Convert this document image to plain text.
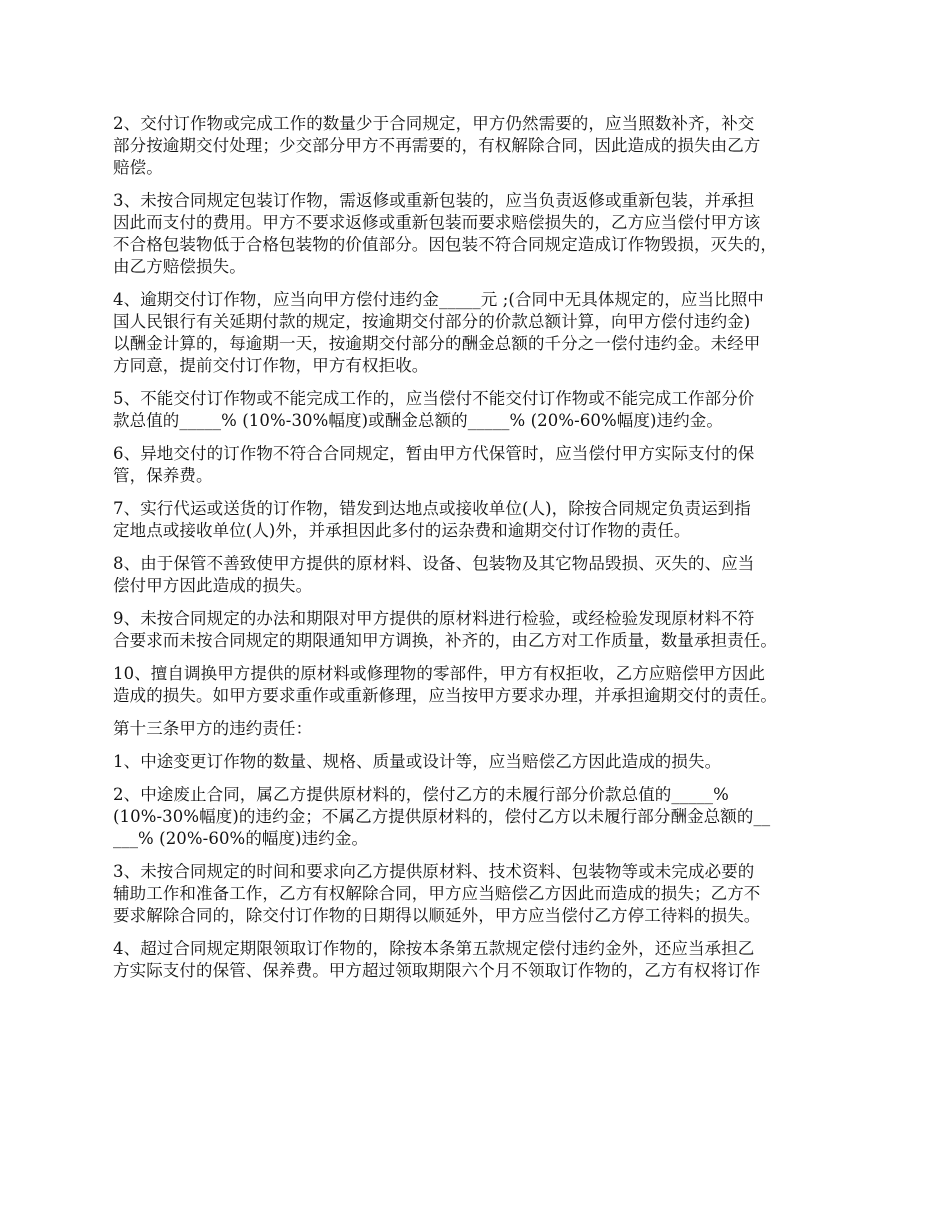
2、交付订作物或完成工作的数量少于合同规定，甲方仍然需要的，应当照数补齐，补交
部分按逾期交付处理；少交部分甲方不再需要的，有权解除合同，因此造成的损失由乙方
赔偿。

3、未按合同规定包装订作物，需返修或重新包装的，应当负责返修或重新包装，并承担
因此而支付的费用。甲方不要求返修或重新包装而要求赔偿损失的，乙方应当偿付甲方该
不合格包装物低于合格包装物的价值部分。因包装不符合同规定造成订作物毁损，灭失的，
由乙方赔偿损失。

4、逾期交付订作物，应当向甲方偿付违约金_____元 ;(合同中无具体规定的，应当比照中
国人民银行有关延期付款的规定，按逾期交付部分的价款总额计算，向甲方偿付违约金)
以酬金计算的，每逾期一天，按逾期交付部分的酬金总额的千分之一偿付违约金。未经甲
方同意，提前交付订作物，甲方有权拒收。

5、不能交付订作物或不能完成工作的，应当偿付不能交付订作物或不能完成工作部分价
款总值的_____% (10%-30%幅度)或酬金总额的_____% (20%-60%幅度)违约金。

6、异地交付的订作物不符合合同规定，暂由甲方代保管时，应当偿付甲方实际支付的保
管，保养费。

7、实行代运或送货的订作物，错发到达地点或接收单位(人)，除按合同规定负责运到指
定地点或接收单位(人)外，并承担因此多付的运杂费和逾期交付订作物的责任。

8、由于保管不善致使甲方提供的原材料、设备、包装物及其它物品毁损、灭失的、应当
偿付甲方因此造成的损失。

9、未按合同规定的办法和期限对甲方提供的原材料进行检验，或经检验发现原材料不符
合要求而未按合同规定的期限通知甲方调换，补齐的，由乙方对工作质量，数量承担责任。

10、擅自调换甲方提供的原材料或修理物的零部件，甲方有权拒收，乙方应赔偿甲方因此
造成的损失。如甲方要求重作或重新修理，应当按甲方要求办理，并承担逾期交付的责任。

第十三条甲方的违约责任：

1、中途变更订作物的数量、规格、质量或设计等，应当赔偿乙方因此造成的损失。

2、中途废止合同，属乙方提供原材料的，偿付乙方的未履行部分价款总值的_____%
(10%-30%幅度)的违约金；不属乙方提供原材料的，偿付乙方以未履行部分酬金总额的__
___% (20%-60%的幅度)违约金。

3、未按合同规定的时间和要求向乙方提供原材料、技术资料、包装物等或未完成必要的
辅助工作和准备工作，乙方有权解除合同，甲方应当赔偿乙方因此而造成的损失；乙方不
要求解除合同的，除交付订作物的日期得以顺延外，甲方应当偿付乙方停工待料的损失。

4、超过合同规定期限领取订作物的，除按本条第五款规定偿付违约金外，还应当承担乙
方实际支付的保管、保养费。甲方超过领取期限六个月不领取订作物的，乙方有权将订作
